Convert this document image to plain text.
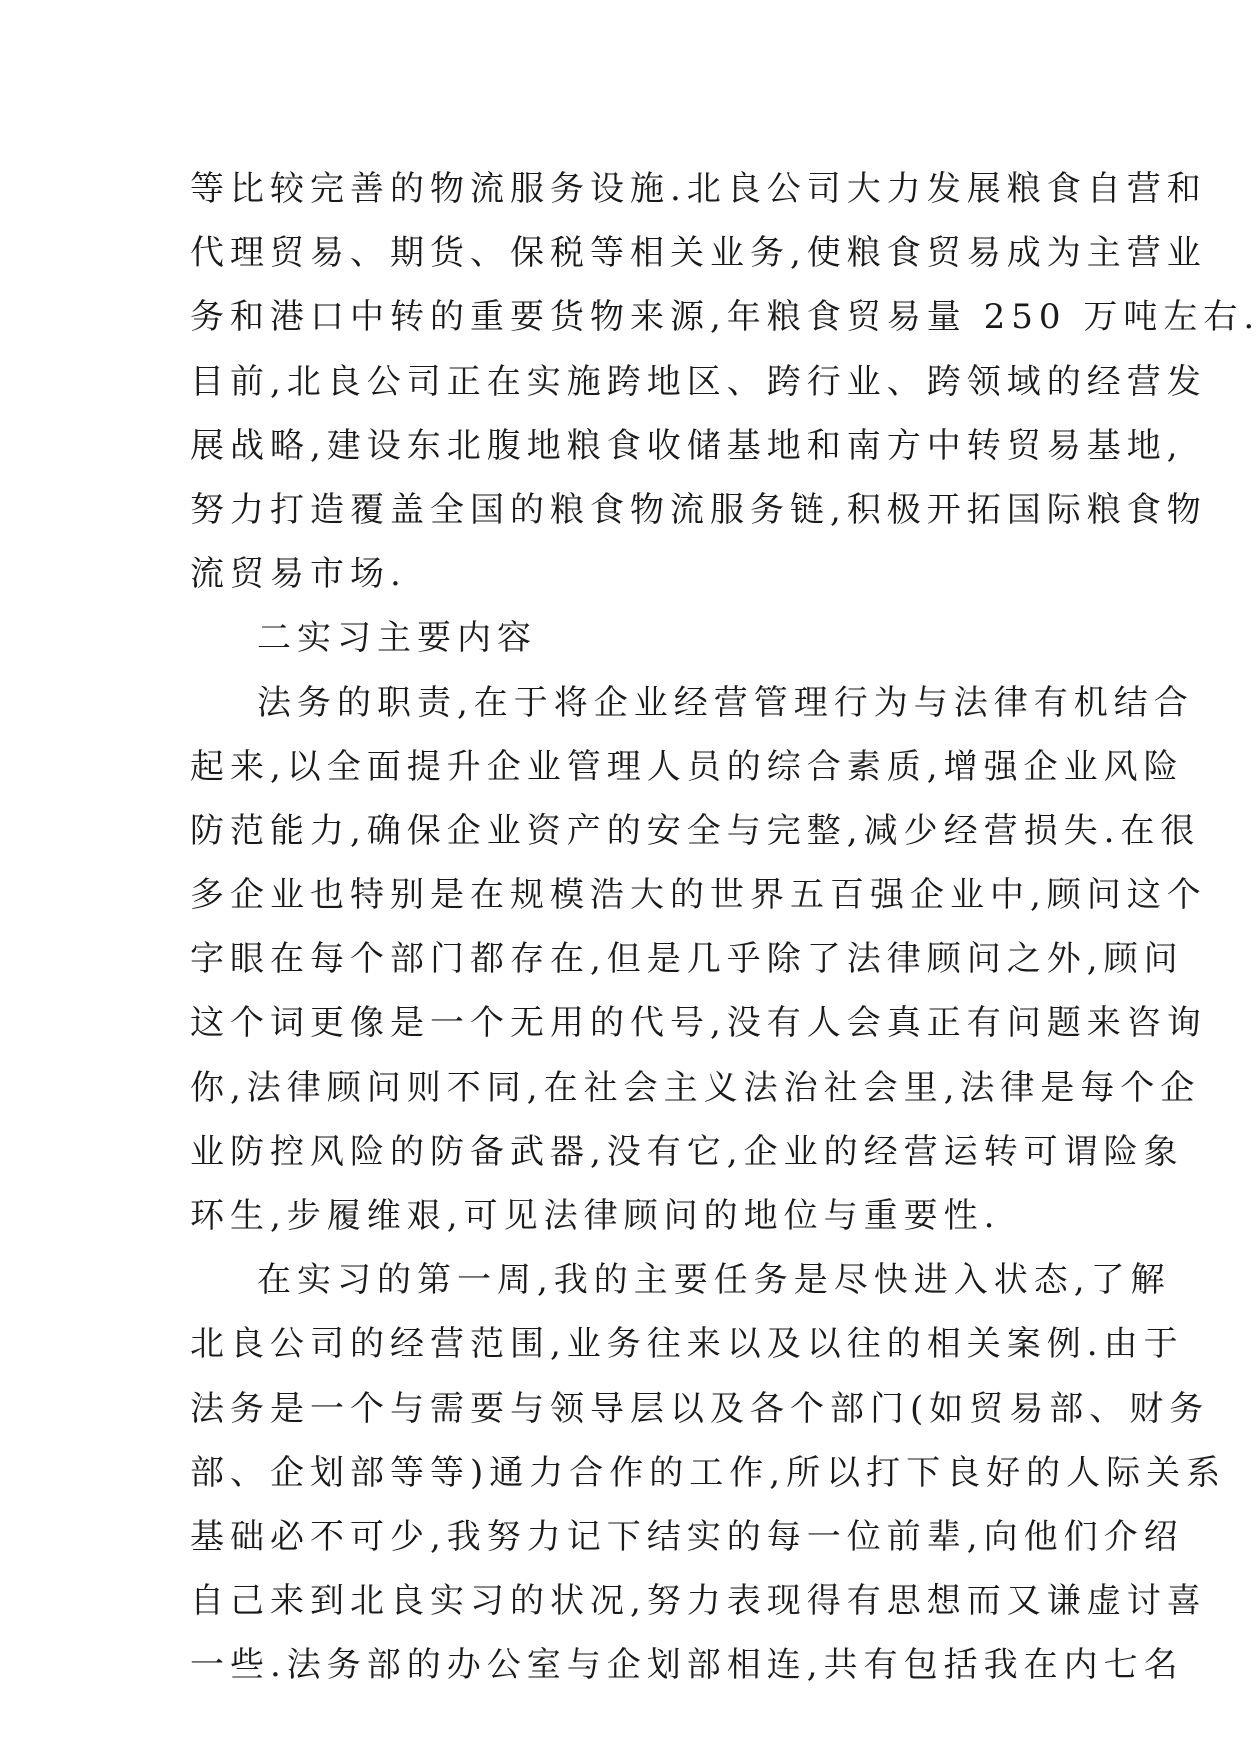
等比较完善的物流服务设施.北良公司大力发展粮食自营和
代理贸易、期货、保税等相关业务,使粮食贸易成为主营业
务和港口中转的重要货物来源,年粮食贸易量 250 万吨左右.
目前,北良公司正在实施跨地区、跨行业、跨领域的经营发
展战略,建设东北腹地粮食收储基地和南方中转贸易基地,
努力打造覆盖全国的粮食物流服务链,积极开拓国际粮食物
流贸易市场.
二实习主要内容
法务的职责,在于将企业经营管理行为与法律有机结合
起来,以全面提升企业管理人员的综合素质,增强企业风险
防范能力,确保企业资产的安全与完整,减少经营损失.在很
多企业也特别是在规模浩大的世界五百强企业中,顾问这个
字眼在每个部门都存在,但是几乎除了法律顾问之外,顾问
这个词更像是一个无用的代号,没有人会真正有问题来咨询
你,法律顾问则不同,在社会主义法治社会里,法律是每个企
业防控风险的防备武器,没有它,企业的经营运转可谓险象
环生,步履维艰,可见法律顾问的地位与重要性.
在实习的第一周,我的主要任务是尽快进入状态,了解
北良公司的经营范围,业务往来以及以往的相关案例.由于
法务是一个与需要与领导层以及各个部门(如贸易部、财务
部、企划部等等)通力合作的工作,所以打下良好的人际关系
基础必不可少,我努力记下结实的每一位前辈,向他们介绍
自己来到北良实习的状况,努力表现得有思想而又谦虚讨喜
一些.法务部的办公室与企划部相连,共有包括我在内七名
